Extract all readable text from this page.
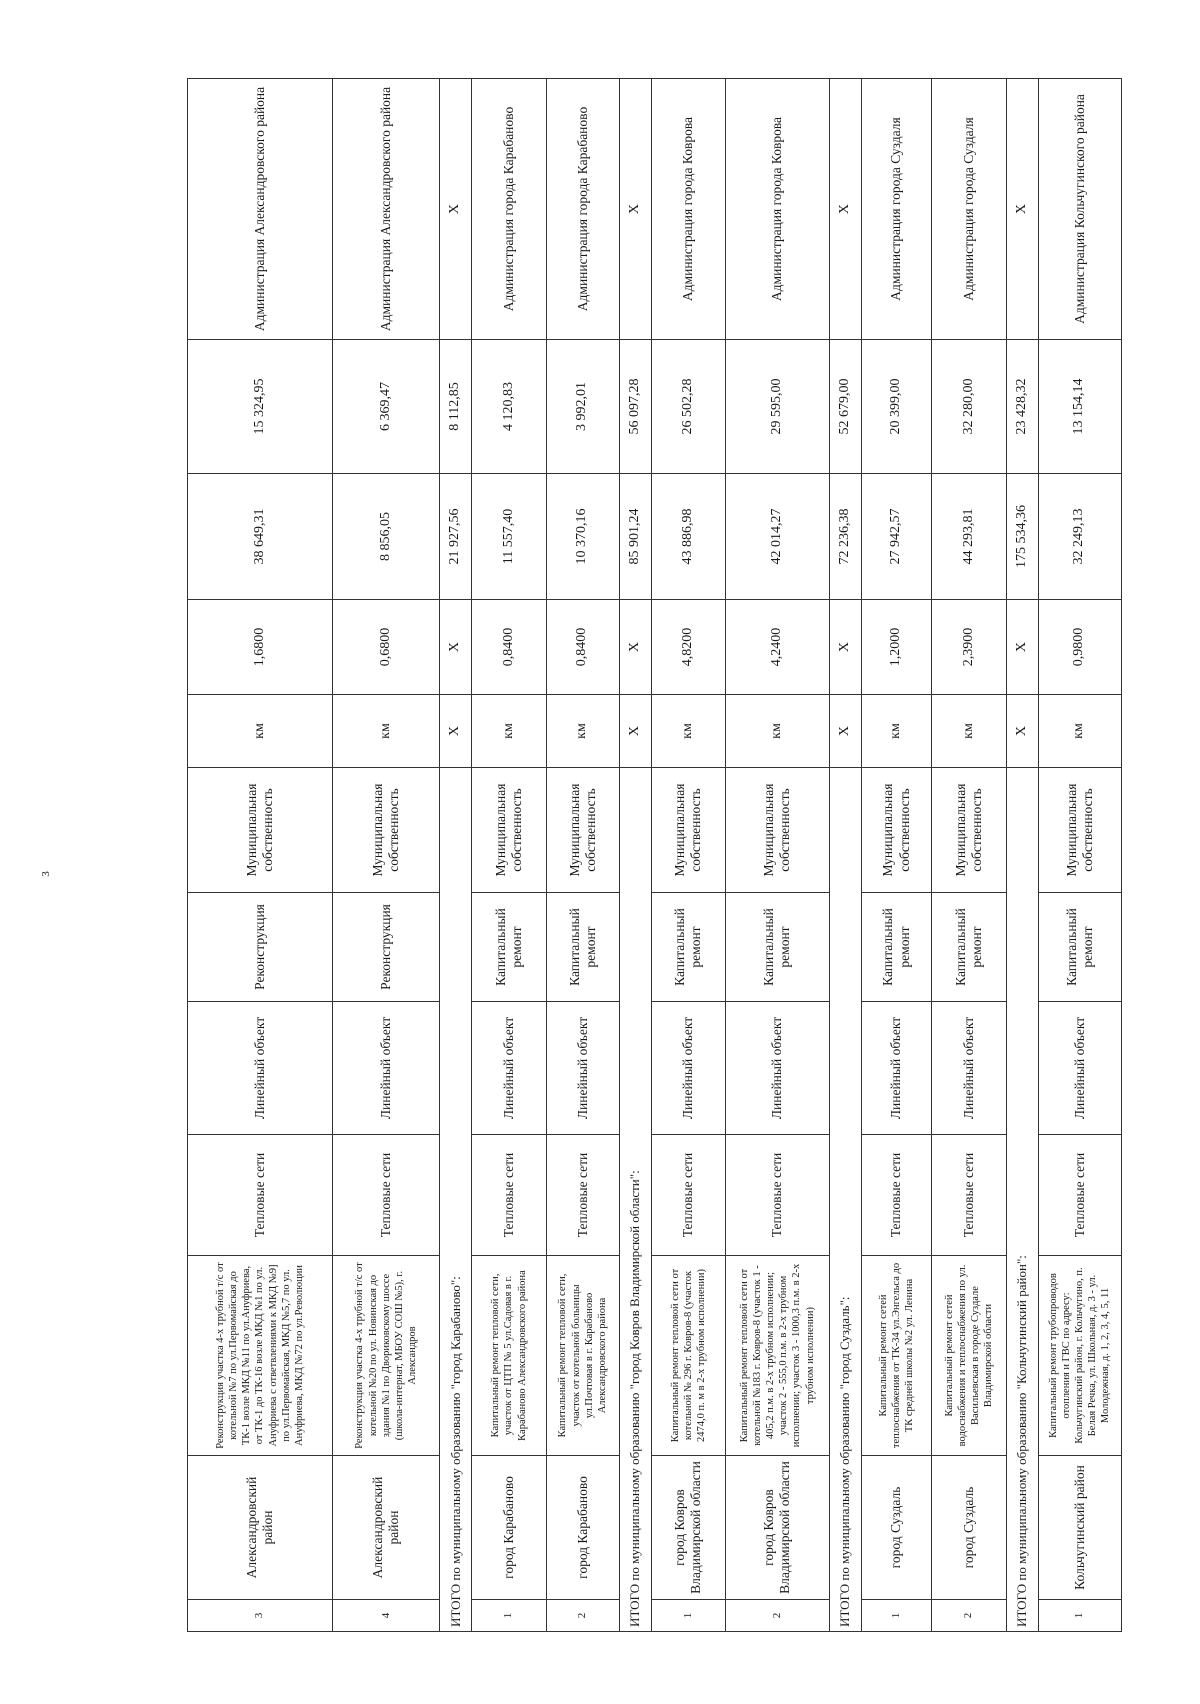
3
3	Александровский район	Реконструкция участка 4-х трубной т/с от котельной №7 по ул.Первомайская до ТК-1 возле МКД №11 по ул.Ануфриева, от ТК-1 до ТК-16 возле МКД №1 по ул. Ануфриева с ответвлениями к МКД №9] по ул.Первомайская, МКД №5,7 по ул. Ануфриева, МКД №72 по ул.Революции	Тепловые сети	Линейный объект	Реконструкция	Муниципальная собственность	км	1,6800	38 649,31	15 324,95	Администрация Александровского района
4	Александровский район	Реконструкция участка 4-х трубной т/с от котельной №20 по ул. Новинская до здания №1 по Двориковскому шоссе (школа-интернат, МБОУ СОШ №5), г. Александров	Тепловые сети	Линейный объект	Реконструкция	Муниципальная собственность	км	0,6800	8 856,05	6 369,47	Администрация Александровского района
ИТОГО по муниципальному образованию "город Карабаново":							X	X	21 927,56	8 112,85	X
1	город Карабаново	Капитальный ремонт тепловой сети, участок от ЦТП № 5 ул.Садовая в г. Карабаново Александровского района	Тепловые сети	Линейный объект	Капитальный ремонт	Муниципальная собственность	км	0,8400	11 557,40	4 120,83	Администрация города Карабаново
2	город Карабаново	Капитальный ремонт тепловой сети, участок от котельной больницы ул.Почтовая в г. Карабаново Александровского района	Тепловые сети	Линейный объект	Капитальный ремонт	Муниципальная собственность	км	0,8400	10 370,16	3 992,01	Администрация города Карабаново
ИТОГО по муниципальному образованию "город Ковров Владимирской области":							X	X	85 901,24	56 097,28	X
1	город Ковров Владимирской области	Капитальный ремонт тепловой сети от котельной № 296 г. Ковров-8 (участок 2474,0 п. м в 2-х трубном исполнении)	Тепловые сети	Линейный объект	Капитальный ремонт	Муниципальная собственность	км	4,8200	43 886,98	26 502,28	Администрация города Коврова
2	город Ковров Владимирской области	Капитальный ремонт тепловой сети от котельной №183 г. Ковров-8 (участок 1 - 405,2 п.м. в 2-х трубном исполнении; участок 2 - 555,0 п.м. в 2-х трубном исполнении; участок 3 - 1000,3 п.м. в 2-х трубном исполнении)	Тепловые сети	Линейный объект	Капитальный ремонт	Муниципальная собственность	км	4,2400	42 014,27	29 595,00	Администрация города Коврова
ИТОГО по муниципальному образованию "город Суздаль":							X	X	72 236,38	52 679,00	X
1	город Суздаль	Капитальный ремонт сетей теплоснабжения от ТК-34 ул.Энгельса до ТК средней школы №2 ул. Ленина	Тепловые сети	Линейный объект	Капитальный ремонт	Муниципальная собственность	км	1,2000	27 942,57	20 399,00	Администрация города Суздаля
2	город Суздаль	Капитальный ремонт сетей водоснабжения и теплоснабжения по ул. Васильевская в городе Суздале Владимирской области	Тепловые сети	Линейный объект	Капитальный ремонт	Муниципальная собственность	км	2,3900	44 293,81	32 280,00	Администрация города Суздаля
ИТОГО по муниципальному образованию "Кольчугинский район":							X	X	175 534,36	23 428,32	X
1	Кольчугинский район	Капитальный ремонт трубопроводов отопления и ГВС по адресу: Кольчугинский район, г. Кольчугино, п. Белая Речка, ул. Школьная, д. 3 - ул. Молодежная, д. 1, 2, 3, 4, 5, 11	Тепловые сети	Линейный объект	Капитальный ремонт	Муниципальная собственность	км	0,9800	32 249,13	13 154,14	Администрация Кольчугинского района
